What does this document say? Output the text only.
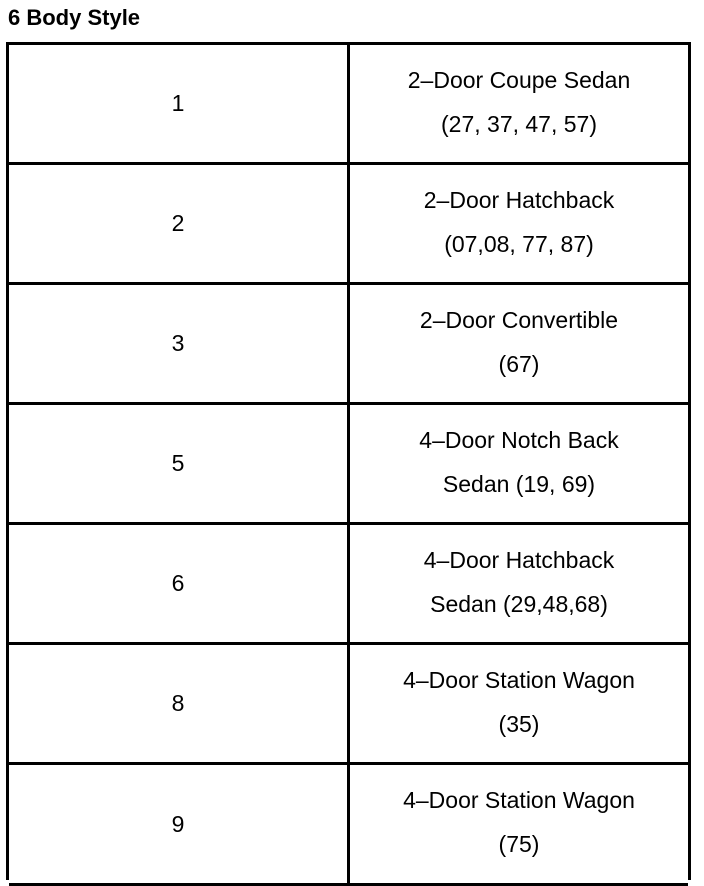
6 Body Style
1
2–Door Coupe Sedan
(27, 37, 47, 57)
2
2–Door Hatchback
(07,08, 77, 87)
3
2–Door Convertible
(67)
5
4–Door Notch Back
Sedan (19, 69)
6
4–Door Hatchback
Sedan (29,48,68)
8
4–Door Station Wagon
(35)
9
4–Door Station Wagon
(75)
